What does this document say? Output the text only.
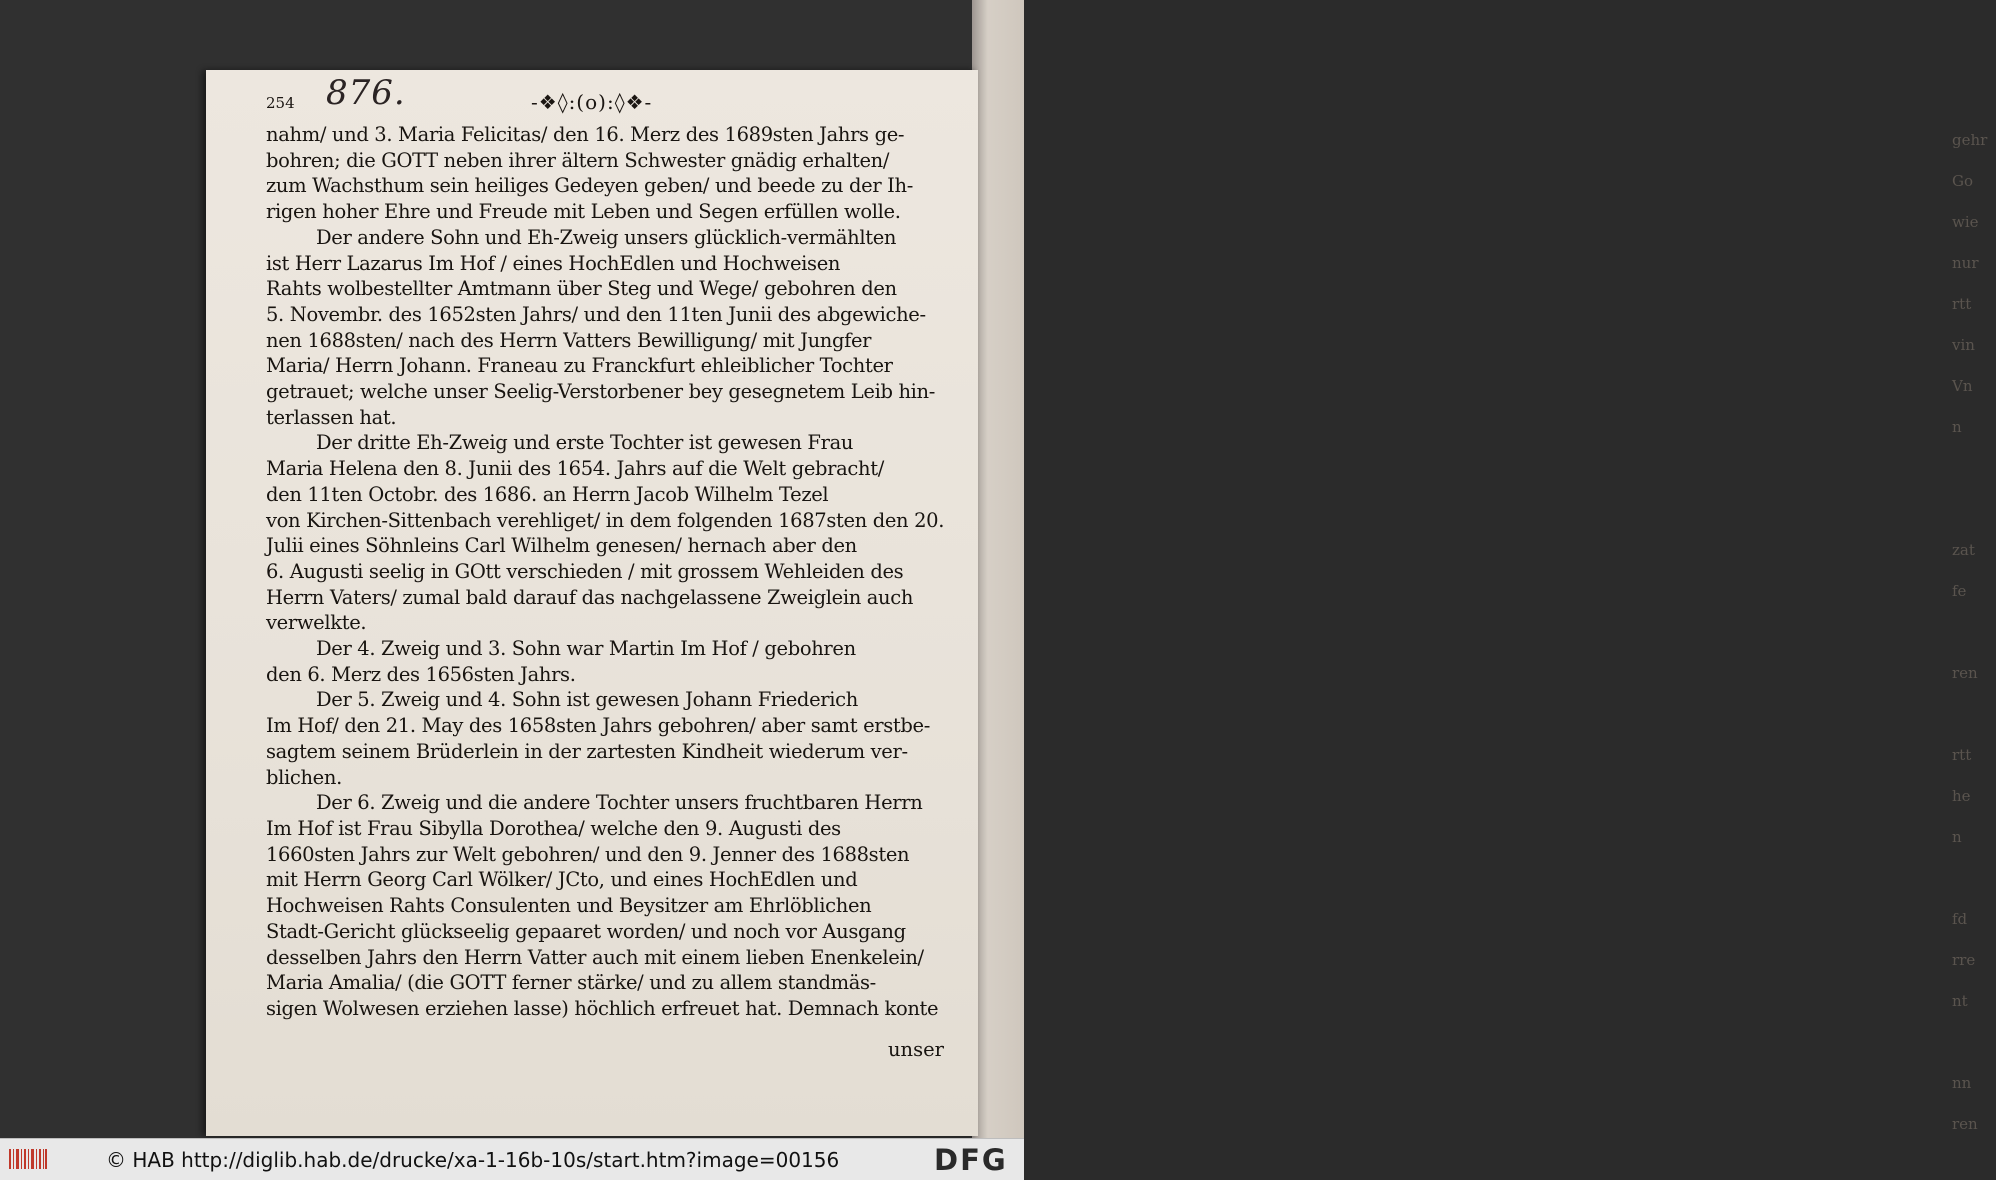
gehr
Go
wie
nur
rtt
vin
Vn
n

zat
fe

ren

rtt
he
n

fd
rre
nt

nn
ren

254 876.	-❖◊:(o):◊❖-
nahm/ und 3. Maria Felicitas/ den 16. Merz des 1689sten Jahrs ge-
bohren; die GOTT neben ihrer ältern Schwester gnädig erhalten/
zum Wachsthum sein heiliges Gedeyen geben/ und beede zu der Ih-
rigen hoher Ehre und Freude mit Leben und Segen erfüllen wolle.
Der andere Sohn und Eh-Zweig unsers glücklich-vermählten
ist Herr Lazarus Im Hof / eines HochEdlen und Hochweisen
Rahts wolbestellter Amtmann über Steg und Wege/ gebohren den
5. Novembr. des 1652sten Jahrs/ und den 11ten Junii des abgewiche-
nen 1688sten/ nach des Herrn Vatters Bewilligung/ mit Jungfer
Maria/ Herrn Johann. Franeau zu Franckfurt ehleiblicher Tochter
getrauet; welche unser Seelig-Verstorbener bey gesegnetem Leib hin-
terlassen hat.
Der dritte Eh-Zweig und erste Tochter ist gewesen Frau
Maria Helena den 8. Junii des 1654. Jahrs auf die Welt gebracht/
den 11ten Octobr. des 1686. an Herrn Jacob Wilhelm Tezel
von Kirchen-Sittenbach verehliget/ in dem folgenden 1687sten den 20.
Julii eines Söhnleins Carl Wilhelm genesen/ hernach aber den
6. Augusti seelig in GOtt verschieden / mit grossem Wehleiden des
Herrn Vaters/ zumal bald darauf das nachgelassene Zweiglein auch
verwelkte.
Der 4. Zweig und 3. Sohn war Martin Im Hof / gebohren
den 6. Merz des 1656sten Jahrs.
Der 5. Zweig und 4. Sohn ist gewesen Johann Friederich
Im Hof/ den 21. May des 1658sten Jahrs gebohren/ aber samt erstbe-
sagtem seinem Brüderlein in der zartesten Kindheit wiederum ver-
blichen.
Der 6. Zweig und die andere Tochter unsers fruchtbaren Herrn
Im Hof ist Frau Sibylla Dorothea/ welche den 9. Augusti des
1660sten Jahrs zur Welt gebohren/ und den 9. Jenner des 1688sten
mit Herrn Georg Carl Wölker/ JCto, und eines HochEdlen und
Hochweisen Rahts Consulenten und Beysitzer am Ehrlöblichen
Stadt-Gericht glückseelig gepaaret worden/ und noch vor Ausgang
desselben Jahrs den Herrn Vatter auch mit einem lieben Enenkelein/
Maria Amalia/ (die GOTT ferner stärke/ und zu allem standmäs-
sigen Wolwesen erziehen lasse) höchlich erfreuet hat. Demnach konte
unser
© HAB http://diglib.hab.de/drucke/xa-1-16b-10s/start.htm?image=00156	DFG
